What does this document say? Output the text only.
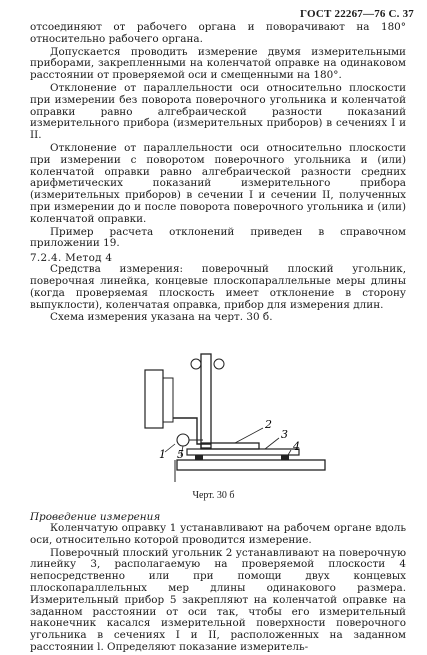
ГОСТ 22267—76 С. 37

отсоединяют от рабочего органа и поворачивают на 180° относительно рабочего органа.

Допускается проводить измерение двумя измерительными приборами, закрепленными на коленчатой оправке на одинаковом расстоянии от проверяемой оси и смещенными на 180°.

Отклонение от параллельности оси относительно плоскости при измерении без поворота поверочного угольника и коленчатой оправки равно алгебраической разности показаний измерительного прибора (измерительных приборов) в сечениях I и II.

Отклонение от параллельности оси относительно плоскости при измерении с поворотом поверочного угольника и (или) коленчатой оправки равно алгебраической разности средних арифметических показаний измерительного прибора (измерительных приборов) в сечении I и сечении II, полученных при измерении до и после поворота поверочного угольника и (или) коленчатой оправки.

Пример расчета отклонений приведен в справочном приложении 19.

7.2.4. Метод 4

Средства измерения: поверочный плоский угольник, поверочная линейка, концевые плоскопараллельные меры длины (когда проверяемая плоскость имеет отклонение в сторону выпуклости), коленчатая оправка, прибор для измерения длин.

Схема измерения указана на черт. 30 б.

2
3
1 5
4
Черт. 30 б
Проведение измерения

Коленчатую оправку 1 устанавливают на рабочем органе вдоль оси, относительно которой проводится измерение.

Поверочный плоский угольник 2 устанавливают на поверочную линейку 3, располагаемую на проверяемой плоскости 4 непосредственно или при помощи двух концевых плоскопараллельных мер длины одинакового размера. Измерительный прибор 5 закрепляют на коленчатой оправке на заданном расстоянии от оси так, чтобы его измерительный наконечник касался измерительной поверхности поверочного угольника в сечениях I и II, расположенных на заданном расстоянии l. Определяют показание измеритель-
